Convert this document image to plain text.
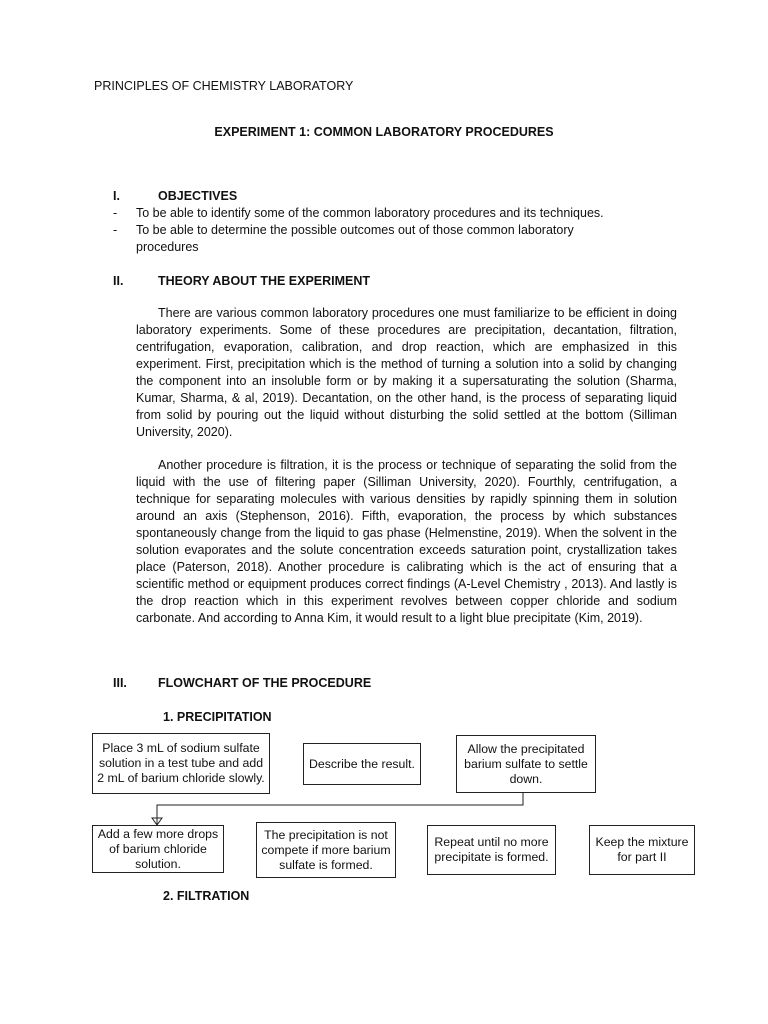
PRINCIPLES OF CHEMISTRY LABORATORY
EXPERIMENT 1: COMMON LABORATORY PROCEDURES
I.	OBJECTIVES
- To be able to identify some of the common laboratory procedures and its techniques.
- To be able to determine the possible outcomes out of those common laboratory procedures
II.	THEORY ABOUT THE EXPERIMENT
There are various common laboratory procedures one must familiarize to be efficient in doing laboratory experiments. Some of these procedures are precipitation, decantation, filtration, centrifugation, evaporation, calibration, and drop reaction, which are emphasized in this experiment. First, precipitation which is the method of turning a solution into a solid by changing the component into an insoluble form or by making it a supersaturating the solution (Sharma, Kumar, Sharma, & al, 2019). Decantation, on the other hand, is the process of separating liquid from solid by pouring out the liquid without disturbing the solid settled at the bottom (Silliman University, 2020).
Another procedure is filtration, it is the process or technique of separating the solid from the liquid with the use of filtering paper (Silliman University, 2020). Fourthly, centrifugation, a technique for separating molecules with various densities by rapidly spinning them in solution around an axis (Stephenson, 2016). Fifth, evaporation, the process by which substances spontaneously change from the liquid to gas phase (Helmenstine, 2019). When the solvent in the solution evaporates and the solute concentration exceeds saturation point, crystallization takes place (Paterson, 2018). Another procedure is calibrating which is the act of ensuring that a scientific method or equipment produces correct findings (A-Level Chemistry , 2013). And lastly is the drop reaction which in this experiment revolves between copper chloride and sodium carbonate. And according to Anna Kim, it would result to a light blue precipitate (Kim, 2019).
III. FLOWCHART OF THE PROCEDURE
1. PRECIPITATION
Place 3 mL of sodium sulfate solution in a test tube and add 2 mL of barium chloride slowly.
Describe the result.
Allow the precipitated barium sulfate to settle down.
Add a few more drops of barium chloride solution.
The precipitation is not compete if more barium sulfate is formed.
Repeat until no more precipitate is formed.
Keep the mixture for part II
2. FILTRATION
